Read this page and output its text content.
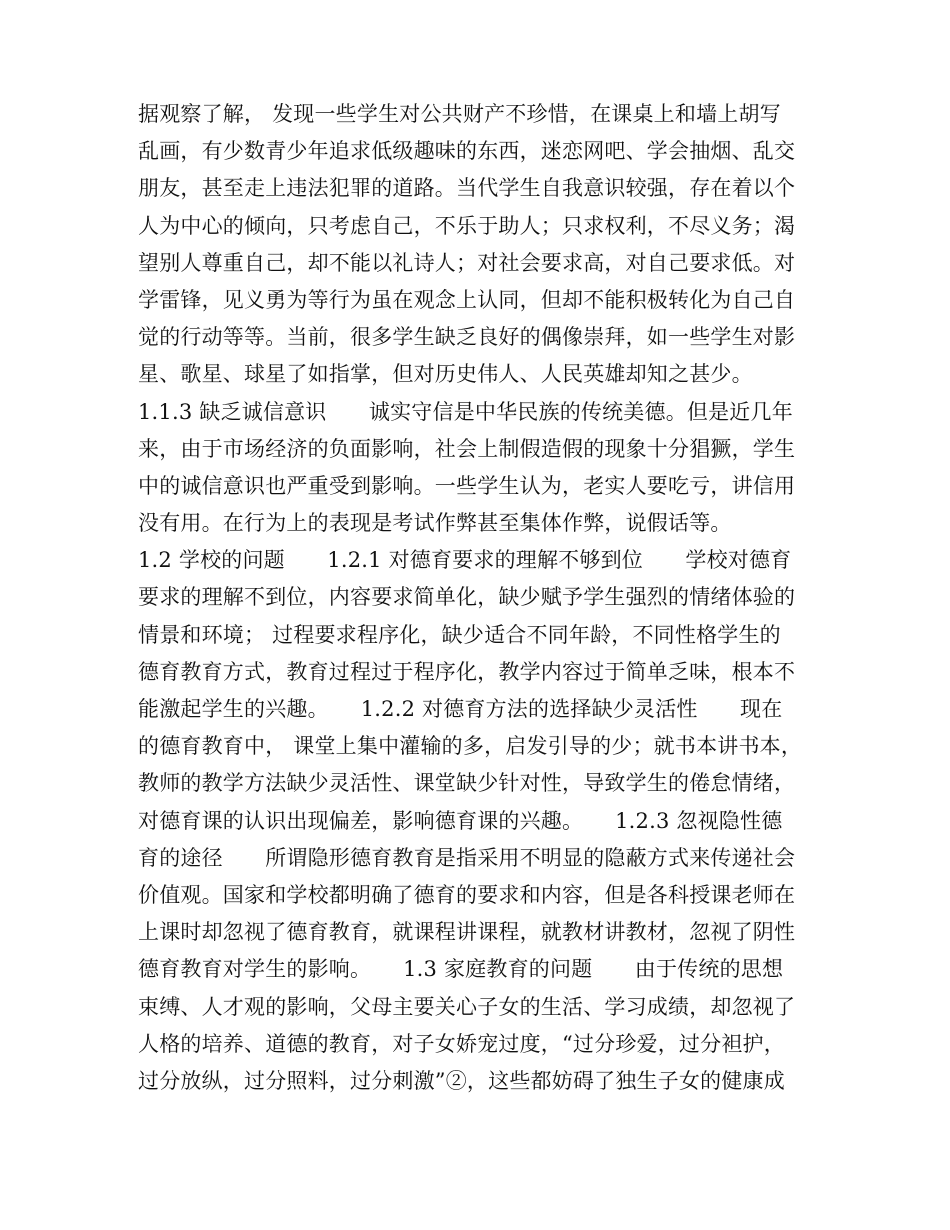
据观察了解， 发现一些学生对公共财产不珍惜，在课桌上和墙上胡写
乱画，有少数青少年追求低级趣味的东西，迷恋网吧、学会抽烟、乱交
朋友，甚至走上违法犯罪的道路。当代学生自我意识较强，存在着以个
人为中心的倾向，只考虑自己，不乐于助人；只求权利，不尽义务；渴
望别人尊重自己，却不能以礼诗人；对社会要求高，对自己要求低。对
学雷锋，见义勇为等行为虽在观念上认同，但却不能积极转化为自己自
觉的行动等等。当前，很多学生缺乏良好的偶像崇拜，如一些学生对影
星、歌星、球星了如指掌，但对历史伟人、人民英雄却知之甚少。
1.1.3 缺乏诚信意识　　诚实守信是中华民族的传统美德。但是近几年
来，由于市场经济的负面影响，社会上制假造假的现象十分猖獗，学生
中的诚信意识也严重受到影响。一些学生认为，老实人要吃亏，讲信用
没有用。在行为上的表现是考试作弊甚至集体作弊，说假话等。
1.2 学校的问题　　1.2.1 对德育要求的理解不够到位　　学校对德育
要求的理解不到位，内容要求简单化，缺少赋予学生强烈的情绪体验的
情景和环境； 过程要求程序化，缺少适合不同年龄，不同性格学生的
德育教育方式，教育过程过于程序化，教学内容过于简单乏味，根本不
能激起学生的兴趣。　　1.2.2 对德育方法的选择缺少灵活性　　现在
的德育教育中， 课堂上集中灌输的多，启发引导的少；就书本讲书本，
教师的教学方法缺少灵活性、课堂缺少针对性，导致学生的倦怠情绪，
对德育课的认识出现偏差，影响德育课的兴趣。　　1.2.3 忽视隐性德
育的途径　　所谓隐形德育教育是指采用不明显的隐蔽方式来传递社会
价值观。国家和学校都明确了德育的要求和内容，但是各科授课老师在
上课时却忽视了德育教育，就课程讲课程，就教材讲教材，忽视了阴性
德育教育对学生的影响。　　1.3 家庭教育的问题　　由于传统的思想
束缚、人才观的影响，父母主要关心子女的生活、学习成绩，却忽视了
人格的培养、道德的教育，对子女娇宠过度，“过分珍爱，过分袒护，
过分放纵，过分照料，过分刺激”②，这些都妨碍了独生子女的健康成
